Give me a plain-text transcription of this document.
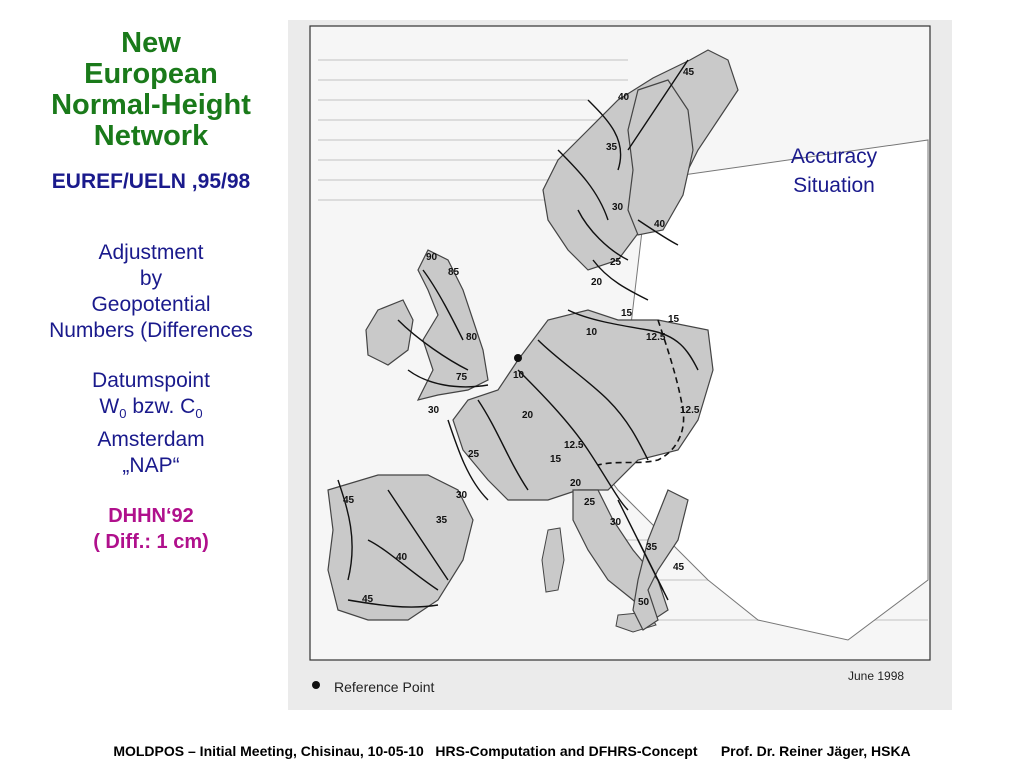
New
European
Normal-Height
Network
EUREF/UELN ,95/98
Adjustment
by
Geopotential
Numbers (Differences
Datumspoint
$W_0$ bzw. $C_0$
Amsterdam
„NAP“
DHHN‘92
( Diff.: 1 cm)
45
40
35
30
40
25
20
15
10	12.5
15
12.5
90
85
80
75	10
20
30
25
12.5
15
20
25
30
45
35
40
45
30
35
45
50
Reference Point
June 1998
Accuracy
Situation
MOLDPOS – Initial Meeting, Chisinau, 10-05-10   HRS-Computation and DFHRS-Concept      Prof. Dr. Reiner Jäger, HSKA
